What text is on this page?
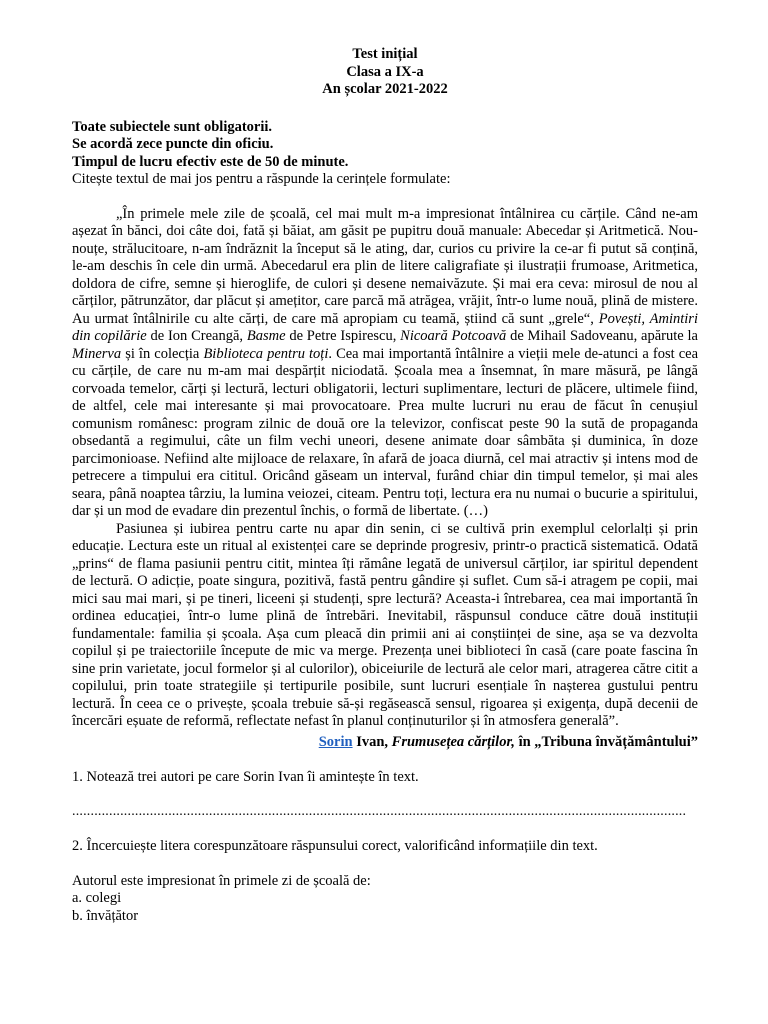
Test inițial
Clasa a IX-a
An școlar 2021-2022
Toate subiectele sunt obligatorii.
Se acordă zece puncte din oficiu.
Timpul de lucru efectiv este de 50 de minute.

Citește textul de mai jos pentru a răspunde la cerințele formulate:

„În primele mele zile de școală, cel mai mult m-a impresionat întâlnirea cu cărțile. Când ne-am așezat în bănci, doi câte doi, fată și băiat, am găsit pe pupitru două manuale: Abecedar și Aritmetică. Nou-nouțe, strălucitoare, n-am îndrăznit la început să le ating, dar, curios cu privire la ce-ar fi putut să conțină, le-am deschis în cele din urmă. Abecedarul era plin de litere caligrafiate și ilustrații frumoase, Aritmetica, doldora de cifre, semne și hieroglife, de culori și desene nemaivăzute. Și mai era ceva: mirosul de nou al cărților, pătrunzător, dar plăcut și amețitor, care parcă mă atrăgea, vrăjit, într-o lume nouă, plină de mistere. Au urmat întâlnirile cu alte cărți, de care mă apropiam cu teamă, știind că sunt „grele“, Povești, Amintiri din copilărie de Ion Creangă, Basme de Petre Ispirescu, Nicoară Potcoavă de Mihail Sadoveanu, apărute la Minerva și în colecția Biblioteca pentru toți. Cea mai importantă întâlnire a vieții mele de-atunci a fost cea cu cărțile, de care nu m-am mai despărțit niciodată. Școala mea a însemnat, în mare măsură, pe lângă corvoada temelor, cărți și lectură, lecturi obligatorii, lecturi suplimentare, lecturi de plăcere, ultimele fiind, de altfel, cele mai interesante și mai provocatoare. Prea multe lucruri nu erau de făcut în cenușiul comunism românesc: program zilnic de două ore la televizor, confiscat peste 90 la sută de propaganda obsedantă a regimului, câte un film vechi uneori, desene animate doar sâmbăta și duminica, în doze parcimonioase. Nefiind alte mijloace de relaxare, în afară de joaca diurnă, cel mai atractiv și intens mod de petrecere a timpului era cititul. Oricând găseam un interval, furând chiar din timpul temelor, și mai ales seara, până noaptea târziu, la lumina veiozei, citeam. Pentru toți, lectura era nu numai o bucurie a spiritului, dar și un mod de evadare din prezentul închis, o formă de libertate. (…)

Pasiunea și iubirea pentru carte nu apar din senin, ci se cultivă prin exemplul celorlalți și prin educație. Lectura este un ritual al existenței care se deprinde progresiv, printr-o practică sistematică. Odată „prins“ de flama pasiunii pentru citit, mintea îți rămâne legată de universul cărților, iar spiritul dependent de lectură. O adicție, poate singura, pozitivă, fastă pentru gândire și suflet. Cum să-i atragem pe copii, mai mici sau mai mari, și pe tineri, liceeni și studenți, spre lectură? Aceasta-i întrebarea, cea mai importantă în ordinea educației, într-o lume plină de întrebări. Inevitabil, răspunsul conduce către două instituții fundamentale: familia și școala. Așa cum pleacă din primii ani ai conștiinței de sine, așa se va dezvolta copilul și pe traiectoriile începute de mic va merge. Prezența unei biblioteci în casă (care poate fascina în sine prin varietate, jocul formelor și al culorilor), obiceiurile de lectură ale celor mari, atragerea către citit a copilului, prin toate strategiile și tertipurile posibile, sunt lucruri esențiale în nașterea gustului pentru lectură. În ceea ce o privește, școala trebuie să-și regăsească sensul, rigoarea și exigența, după decenii de încercări eșuate de reformă, reflectate nefast în planul conținuturilor și în atmosfera generală”.

Sorin Ivan, Frumusețea cărților, în „Tribuna învățământului”

1. Notează trei autori pe care Sorin Ivan îi amintește în text.

......................................................................................................................................................................

2. Încercuiește litera corespunzătoare răspunsului corect, valorificând informațiile din text.

Autorul este impresionat în primele zi de școală de:

a. colegi

b. învățător
